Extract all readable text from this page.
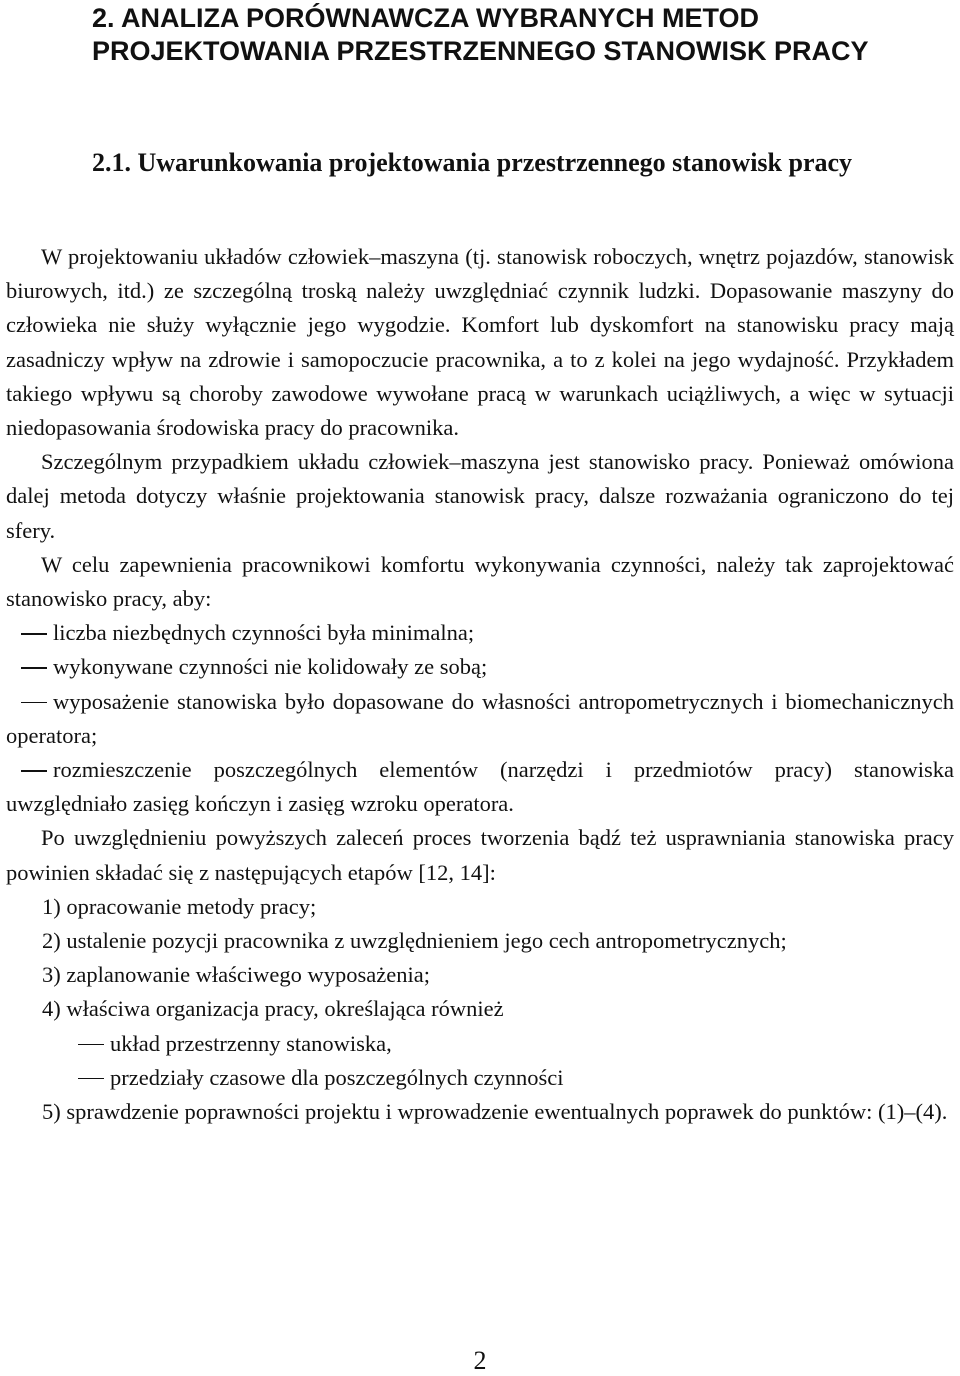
2. ANALIZA PORÓWNAWCZA WYBRANYCH METOD PROJEKTOWANIA PRZESTRZENNEGO STANOWISK PRACY
2.1. Uwarunkowania projektowania przestrzennego stanowisk pracy

W projektowaniu układów człowiek–maszyna (tj. stanowisk roboczych, wnętrz pojazdów, stanowisk biurowych, itd.) ze szczególną troską należy uwzględniać czynnik ludzki. Dopasowanie maszyny do człowieka nie służy wyłącznie jego wygodzie. Komfort lub dyskomfort na stanowisku pracy mają zasadniczy wpływ na zdrowie i samopoczucie pracownika, a to z kolei na jego wydajność. Przykładem takiego wpływu są choroby zawodowe wywołane pracą w warunkach uciążliwych, a więc w sytuacji niedopasowania środowiska pracy do pracownika.

Szczególnym przypadkiem układu człowiek–maszyna jest stanowisko pracy. Ponieważ omówiona dalej metoda dotyczy właśnie projektowania stanowisk pracy, dalsze rozważania ograniczono do tej sfery.

W celu zapewnienia pracownikowi komfortu wykonywania czynności, należy tak zaprojektować stanowisko pracy, aby:

liczba niezbędnych czynności była minimalna;

wykonywane czynności nie kolidowały ze sobą;

wyposażenie stanowiska było dopasowane do własności antropometrycznych i biomechanicznych operatora;

rozmieszczenie poszczególnych elementów (narzędzi i przedmiotów pracy) stanowiska uwzględniało zasięg kończyn i zasięg wzroku operatora.

Po uwzględnieniu powyższych zaleceń proces tworzenia bądź też usprawniania stanowiska pracy powinien składać się z następujących etapów [12, 14]:

1) opracowanie metody pracy;

2) ustalenie pozycji pracownika z uwzględnieniem jego cech antropometrycznych;

3) zaplanowanie właściwego wyposażenia;

4) właściwa organizacja pracy, określająca również

układ przestrzenny stanowiska,

przedziały czasowe dla poszczególnych czynności

5) sprawdzenie poprawności projektu i wprowadzenie ewentualnych poprawek do punktów: (1)–(4).

2
